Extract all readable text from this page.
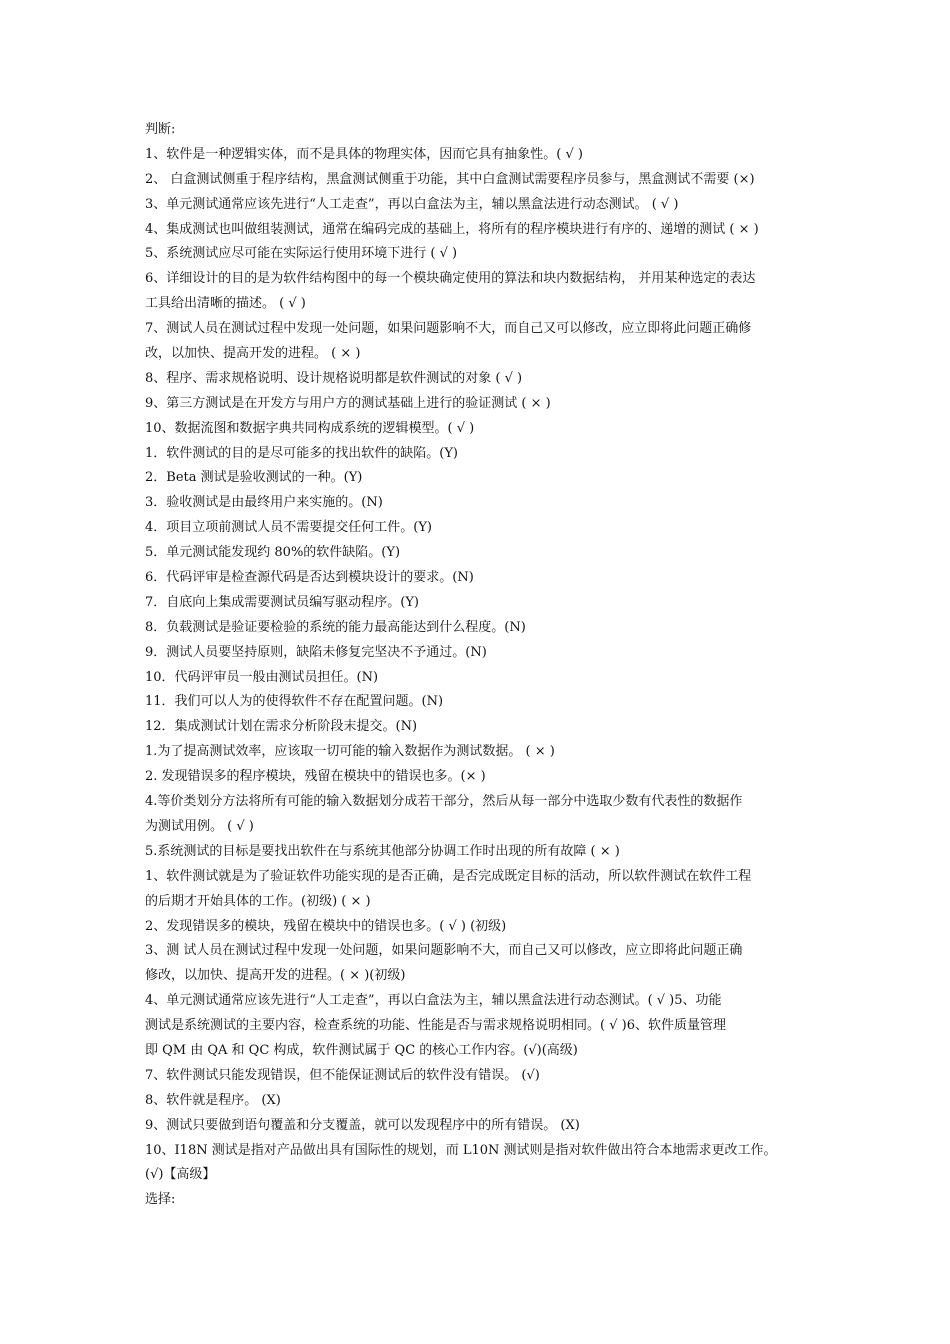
判断:
1、软件是一种逻辑实体，而不是具体的物理实体，因而它具有抽象性。( √ )
2、 白盒测试侧重于程序结构，黑盒测试侧重于功能，其中白盒测试需要程序员参与，黑盒测试不需要 (×)
3、单元测试通常应该先进行“人工走查”，再以白盒法为主，辅以黑盒法进行动态测试。 ( √ )
4、集成测试也叫做组装测试，通常在编码完成的基础上，将所有的程序模块进行有序的、递增的测试 ( × )
5、系统测试应尽可能在实际运行使用环境下进行 ( √ )
6、详细设计的目的是为软件结构图中的每一个模块确定使用的算法和块内数据结构， 并用某种选定的表达
工具给出清晰的描述。 ( √ )
7、测试人员在测试过程中发现一处问题，如果问题影响不大，而自己又可以修改，应立即将此问题正确修
改，以加快、提高开发的进程。 ( × )
8、程序、需求规格说明、设计规格说明都是软件测试的对象 ( √ )
9、第三方测试是在开发方与用户方的测试基础上进行的验证测试 ( × )
10、数据流图和数据字典共同构成系统的逻辑模型。( √ )
1．软件测试的目的是尽可能多的找出软件的缺陷。(Y)
2．Beta 测试是验收测试的一种。(Y)
3．验收测试是由最终用户来实施的。(N)
4．项目立项前测试人员不需要提交任何工件。(Y)
5．单元测试能发现约 80%的软件缺陷。(Y)
6．代码评审是检查源代码是否达到模块设计的要求。(N)
7．自底向上集成需要测试员编写驱动程序。(Y)
8．负载测试是验证要检验的系统的能力最高能达到什么程度。(N)
9．测试人员要坚持原则，缺陷未修复完坚决不予通过。(N)
10．代码评审员一般由测试员担任。(N)
11．我们可以人为的使得软件不存在配置问题。(N)
12．集成测试计划在需求分析阶段末提交。(N)
1.为了提高测试效率，应该取一切可能的输入数据作为测试数据。 ( × )
2. 发现错误多的程序模块，残留在模块中的错误也多。(× )
4.等价类划分方法将所有可能的输入数据划分成若干部分，然后从每一部分中选取少数有代表性的数据作
为测试用例。 ( √ )
5.系统测试的目标是要找出软件在与系统其他部分协调工作时出现的所有故障 ( × )
1、软件测试就是为了验证软件功能实现的是否正确，是否完成既定目标的活动，所以软件测试在软件工程
的后期才开始具体的工作。(初级) ( × )
2、发现错误多的模块，残留在模块中的错误也多。( √ ) (初级)
3、测 试人员在测试过程中发现一处问题，如果问题影响不大，而自己又可以修改，应立即将此问题正确
修改，以加快、提高开发的进程。( × )(初级)
4、单元测试通常应该先进行“人工走查”，再以白盒法为主，辅以黑盒法进行动态测试。( √ )5、功能
测试是系统测试的主要内容，检查系统的功能、性能是否与需求规格说明相同。( √ )6、软件质量管理
即 QM 由 QA 和 QC 构成，软件测试属于 QC 的核心工作内容。(√)(高级)
7、软件测试只能发现错误，但不能保证测试后的软件没有错误。 (√)
8、软件就是程序。 (X)
9、测试只要做到语句覆盖和分支覆盖，就可以发现程序中的所有错误。 (X)
10、I18N 测试是指对产品做出具有国际性的规划，而 L10N 测试则是指对软件做出符合本地需求更改工作。
(√)【高级】
选择:
